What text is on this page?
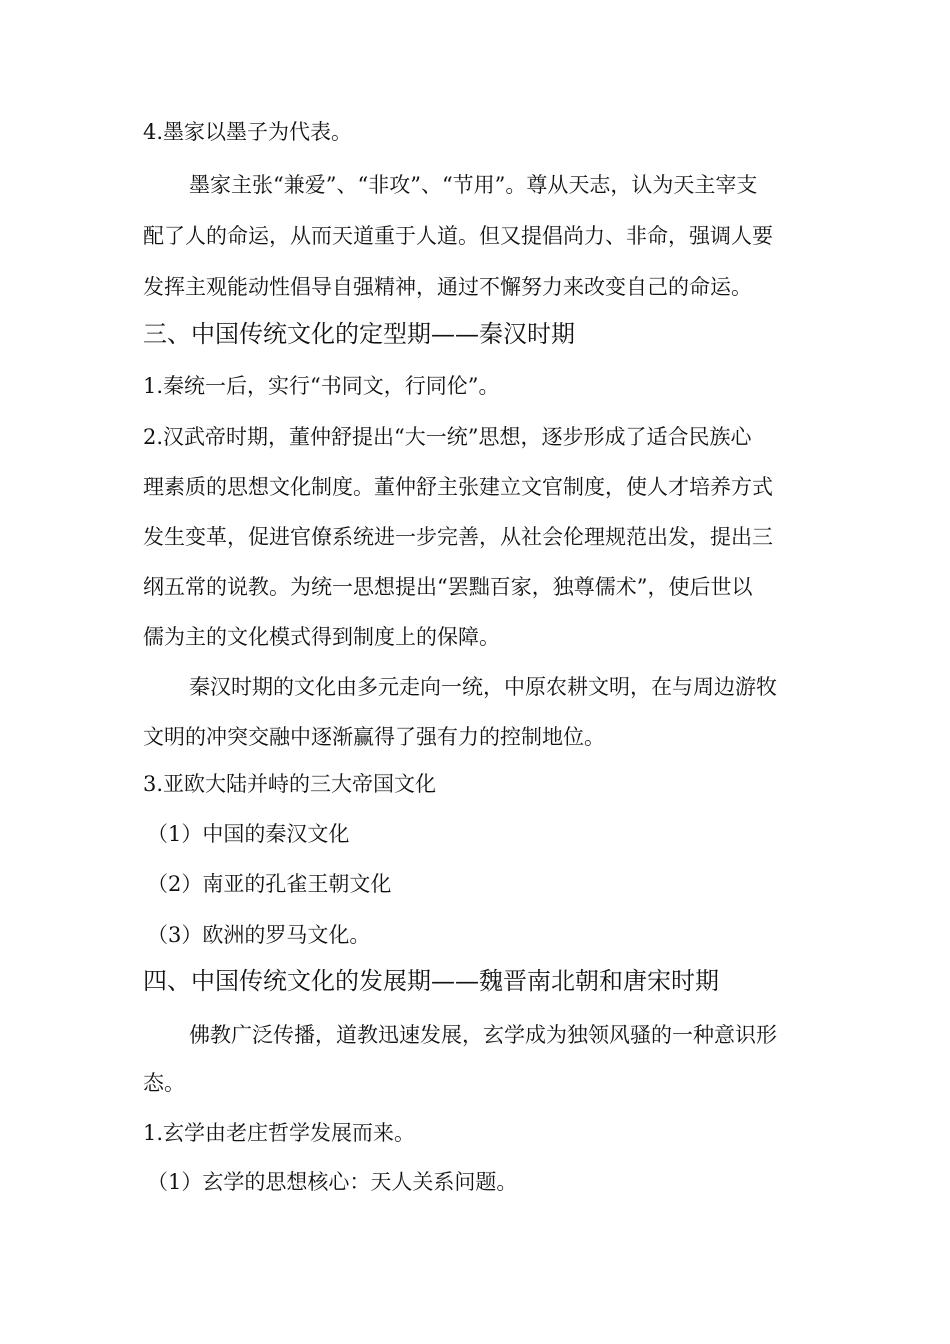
4.墨家以墨子为代表。
墨家主张“兼爱”、“非攻”、“节用”。尊从天志，认为天主宰支
配了人的命运，从而天道重于人道。但又提倡尚力、非命，强调人要
发挥主观能动性倡导自强精神，通过不懈努力来改变自己的命运。
三、中国传统文化的定型期——秦汉时期
1.秦统一后，实行“书同文，行同伦”。
2.汉武帝时期，董仲舒提出“大一统”思想，逐步形成了适合民族心
理素质的思想文化制度。董仲舒主张建立文官制度，使人才培养方式
发生变革，促进官僚系统进一步完善，从社会伦理规范出发，提出三
纲五常的说教。为统一思想提出“罢黜百家，独尊儒术”，使后世以
儒为主的文化模式得到制度上的保障。
秦汉时期的文化由多元走向一统，中原农耕文明，在与周边游牧
文明的冲突交融中逐渐赢得了强有力的控制地位。
3.亚欧大陆并峙的三大帝国文化
（1）中国的秦汉文化
（2）南亚的孔雀王朝文化
（3）欧洲的罗马文化。
四、中国传统文化的发展期——魏晋南北朝和唐宋时期
佛教广泛传播，道教迅速发展，玄学成为独领风骚的一种意识形
态。
1.玄学由老庄哲学发展而来。
（1）玄学的思想核心：天人关系问题。
